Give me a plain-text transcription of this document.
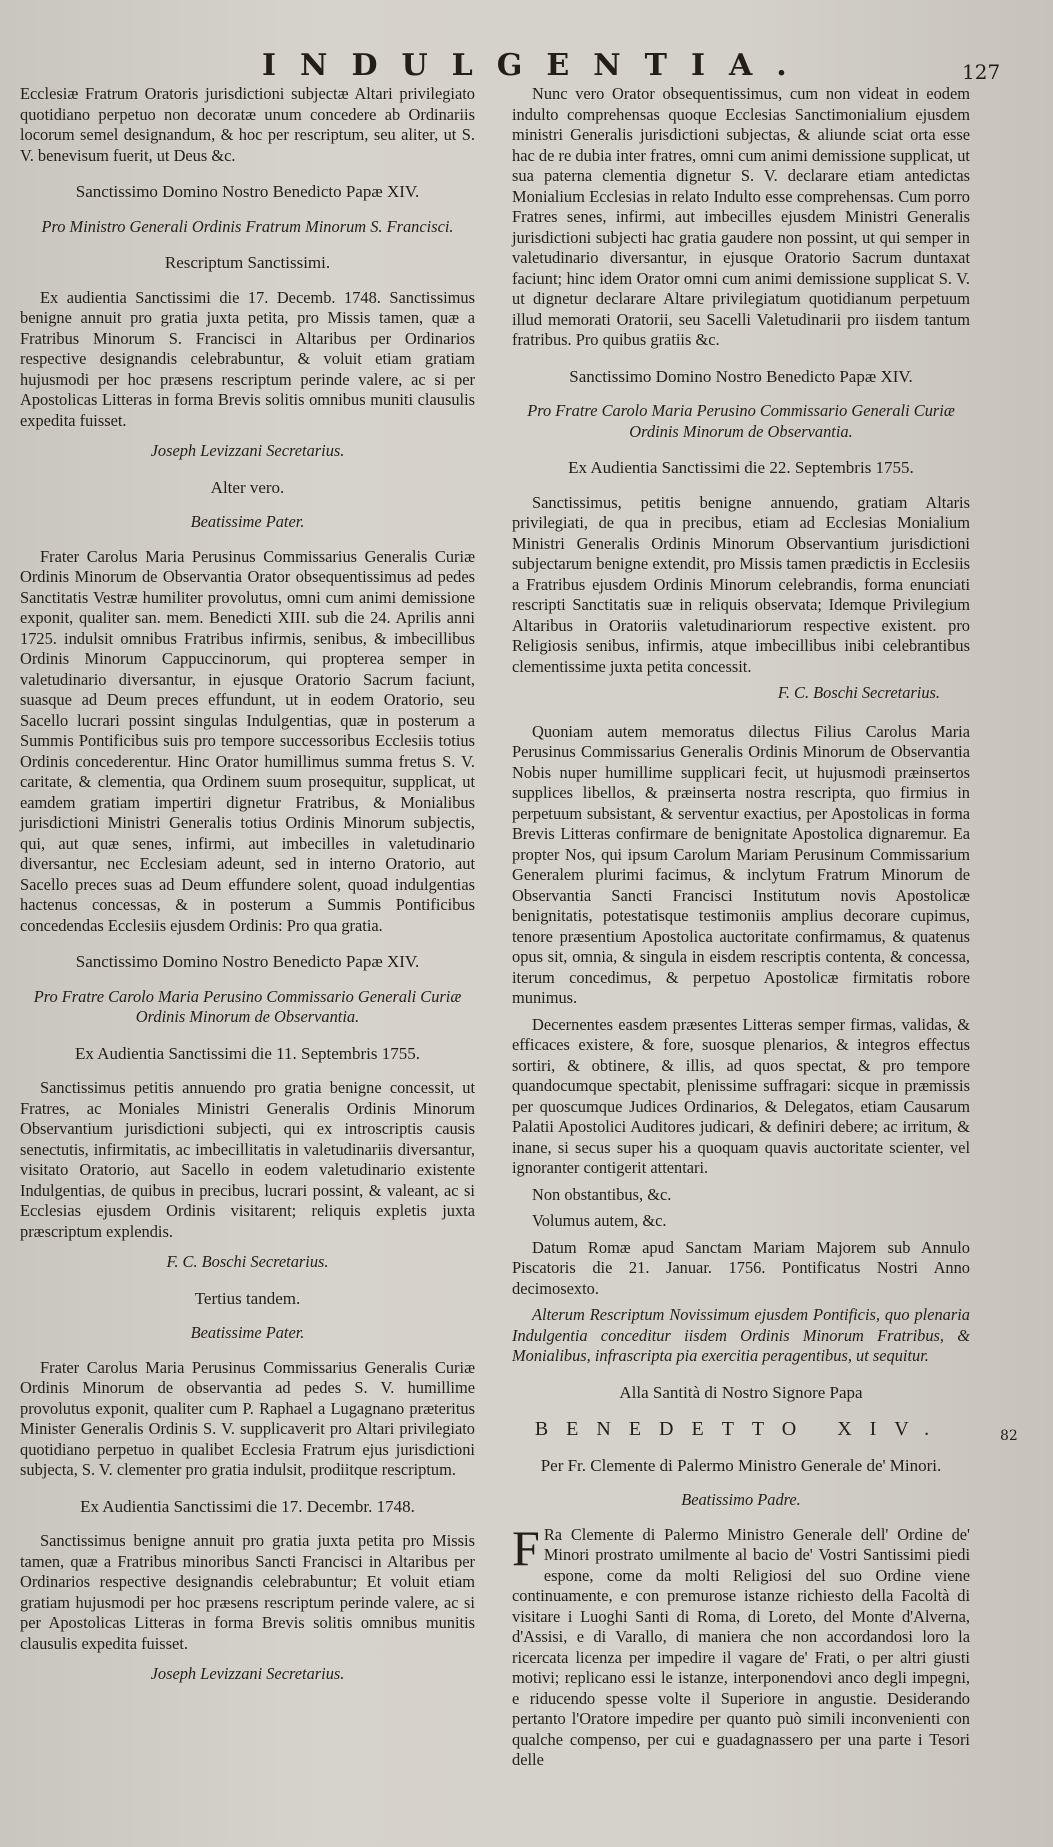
INDULGENTIA.	127

Ecclesiæ Fratrum Oratoris jurisdictioni subjectæ Altari privilegiato quotidiano perpetuo non decoratæ unum concedere ab Ordinariis locorum semel designandum, & hoc per rescriptum, seu aliter, ut S. V. benevisum fuerit, ut Deus &c.

Sanctissimo Domino Nostro Benedicto Papæ XIV.
Pro Ministro Generali Ordinis Fratrum Minorum S. Francisci.
Rescriptum Sanctissimi.

Ex audientia Sanctissimi die 17. Decemb. 1748. Sanctissimus benigne annuit pro gratia juxta petita, pro Missis tamen, quæ a Fratribus Minorum S. Francisci in Altaribus per Ordinarios respective designandis celebrabuntur, & voluit etiam gratiam hujusmodi per hoc præsens rescriptum perinde valere, ac si per Apostolicas Litteras in forma Brevis solitis omnibus muniti clausulis expedita fuisset.

Joseph Levizzani Secretarius.
Alter vero.
Beatissime Pater.

Frater Carolus Maria Perusinus Commissarius Generalis Curiæ Ordinis Minorum de Observantia Orator obsequentissimus ad pedes Sanctitatis Vestræ humiliter provolutus, omni cum animi demissione exponit, qualiter san. mem. Benedicti XIII. sub die 24. Aprilis anni 1725. indulsit omnibus Fratribus infirmis, senibus, & imbecillibus Ordinis Minorum Cappuccinorum, qui propterea semper in valetudinario diversantur, in ejusque Oratorio Sacrum faciunt, suasque ad Deum preces effundunt, ut in eodem Oratorio, seu Sacello lucrari possint singulas Indulgentias, quæ in posterum a Summis Pontificibus suis pro tempore successoribus Ecclesiis totius Ordinis concederentur. Hinc Orator humillimus summa fretus S. V. caritate, & clementia, qua Ordinem suum prosequitur, supplicat, ut eamdem gratiam impertiri dignetur Fratribus, & Monialibus jurisdictioni Ministri Generalis totius Ordinis Minorum subjectis, qui, aut quæ senes, infirmi, aut imbecilles in valetudinario diversantur, nec Ecclesiam adeunt, sed in interno Oratorio, aut Sacello preces suas ad Deum effundere solent, quoad indulgentias hactenus concessas, & in posterum a Summis Pontificibus concedendas Ecclesiis ejusdem Ordinis: Pro qua gratia.

Sanctissimo Domino Nostro Benedicto Papæ XIV.
Pro Fratre Carolo Maria Perusino Commissario Generali Curiæ Ordinis Minorum de Observantia.
Ex Audientia Sanctissimi die 11. Septembris 1755.

Sanctissimus petitis annuendo pro gratia benigne concessit, ut Fratres, ac Moniales Ministri Generalis Ordinis Minorum Observantium jurisdictioni subjecti, qui ex introscriptis causis senectutis, infirmitatis, ac imbecillitatis in valetudinariis diversantur, visitato Oratorio, aut Sacello in eodem valetudinario existente Indulgentias, de quibus in precibus, lucrari possint, & valeant, ac si Ecclesias ejusdem Ordinis visitarent; reliquis expletis juxta præscriptum explendis.

F. C. Boschi Secretarius.
Tertius tandem.
Beatissime Pater.

Frater Carolus Maria Perusinus Commissarius Generalis Curiæ Ordinis Minorum de observantia ad pedes S. V. humillime provolutus exponit, qualiter cum P. Raphael a Lugagnano præteritus Minister Generalis Ordinis S. V. supplicaverit pro Altari privilegiato quotidiano perpetuo in qualibet Ecclesia Fratrum ejus jurisdictioni subjecta, S. V. clementer pro gratia indulsit, prodiitque rescriptum.

Ex Audientia Sanctissimi die 17. Decembr. 1748.

Sanctissimus benigne annuit pro gratia juxta petita pro Missis tamen, quæ a Fratribus minoribus Sancti Francisci in Altaribus per Ordinarios respective designandis celebrabuntur; Et voluit etiam gratiam hujusmodi per hoc præsens rescriptum perinde valere, ac si per Apostolicas Litteras in forma Brevis solitis omnibus munitis clausulis expedita fuisset.

Joseph Levizzani Secretarius.

Nunc vero Orator obsequentissimus, cum non videat in eodem indulto comprehensas quoque Ecclesias Sanctimonialium ejusdem ministri Generalis jurisdictioni subjectas, & aliunde sciat orta esse hac de re dubia inter fratres, omni cum animi demissione supplicat, ut sua paterna clementia dignetur S. V. declarare etiam antedictas Monialium Ecclesias in relato Indulto esse comprehensas. Cum porro Fratres senes, infirmi, aut imbecilles ejusdem Ministri Generalis jurisdictioni subjecti hac gratia gaudere non possint, ut qui semper in valetudinario diversantur, in ejusque Oratorio Sacrum duntaxat faciunt; hinc idem Orator omni cum animi demissione supplicat S. V. ut dignetur declarare Altare privilegiatum quotidianum perpetuum illud memorati Oratorii, seu Sacelli Valetudinarii pro iisdem tantum fratribus. Pro quibus gratiis &c.

Sanctissimo Domino Nostro Benedicto Papæ XIV.
Pro Fratre Carolo Maria Perusino Commissario Generali Curiæ Ordinis Minorum de Observantia.
Ex Audientia Sanctissimi die 22. Septembris 1755.

Sanctissimus, petitis benigne annuendo, gratiam Altaris privilegiati, de qua in precibus, etiam ad Ecclesias Monialium Ministri Generalis Ordinis Minorum Observantium jurisdictioni subjectarum benigne extendit, pro Missis tamen prædictis in Ecclesiis a Fratribus ejusdem Ordinis Minorum celebrandis, forma enunciati rescripti Sanctitatis suæ in reliquis observata; Idemque Privilegium Altaribus in Oratoriis valetudinariorum respective existent. pro Religiosis senibus, infirmis, atque imbecillibus inibi celebrantibus clementissime juxta petita concessit.

F. C. Boschi Secretarius.

Quoniam autem memoratus dilectus Filius Carolus Maria Perusinus Commissarius Generalis Ordinis Minorum de Observantia Nobis nuper humillime supplicari fecit, ut hujusmodi præinsertos supplices libellos, & præinserta nostra rescripta, quo firmius in perpetuum subsistant, & serventur exactius, per Apostolicas in forma Brevis Litteras confirmare de benignitate Apostolica dignaremur. Ea propter Nos, qui ipsum Carolum Mariam Perusinum Commissarium Generalem plurimi facimus, & inclytum Fratrum Minorum de Observantia Sancti Francisci Institutum novis Apostolicæ benignitatis, potestatisque testimoniis amplius decorare cupimus, tenore præsentium Apostolica auctoritate confirmamus, & quatenus opus sit, omnia, & singula in eisdem rescriptis contenta, & concessa, iterum concedimus, & perpetuo Apostolicæ firmitatis robore munimus.

Decernentes easdem præsentes Litteras semper firmas, validas, & efficaces existere, & fore, suosque plenarios, & integros effectus sortiri, & obtinere, & illis, ad quos spectat, & pro tempore quandocumque spectabit, plenissime suffragari: sicque in præmissis per quoscumque Judices Ordinarios, & Delegatos, etiam Causarum Palatii Apostolici Auditores judicari, & definiri debere; ac irritum, & inane, si secus super his a quoquam quavis auctoritate scienter, vel ignoranter contigerit attentari.

Non obstantibus, &c.

Volumus autem, &c.

Datum Romæ apud Sanctam Mariam Majorem sub Annulo Piscatoris die 21. Januar. 1756. Pontificatus Nostri Anno decimosexto.

Alterum Rescriptum Novissimum ejusdem Pontificis, quo plenaria Indulgentia conceditur iisdem Ordinis Minorum Fratribus, & Monialibus, infrascripta pia exercitia peragentibus, ut sequitur.

Alla Santità di Nostro Signore Papa
BENEDETTO XIV.
Per Fr. Clemente di Palermo Ministro Generale de' Minori.
Beatissimo Padre.

F Ra Clemente di Palermo Ministro Generale dell' Ordine de' Minori prostrato umilmente al bacio de' Vostri Santissimi piedi espone, come da molti Religiosi del suo Ordine viene continuamente, e con premurose istanze richiesto della Facoltà di visitare i Luoghi Santi di Roma, di Loreto, del Monte d'Alverna, d'Assisi, e di Varallo, di maniera che non accordandosi loro la ricercata licenza per impedire il vagare de' Frati, o per altri giusti motivi; replicano essi le istanze, interponendovi anco degli impegni, e riducendo spesse volte il Superiore in angustie. Desiderando pertanto l'Oratore impedire per quanto può simili inconvenienti con qualche compenso, per cui e guadagnassero per una parte i Tesori delle

82
